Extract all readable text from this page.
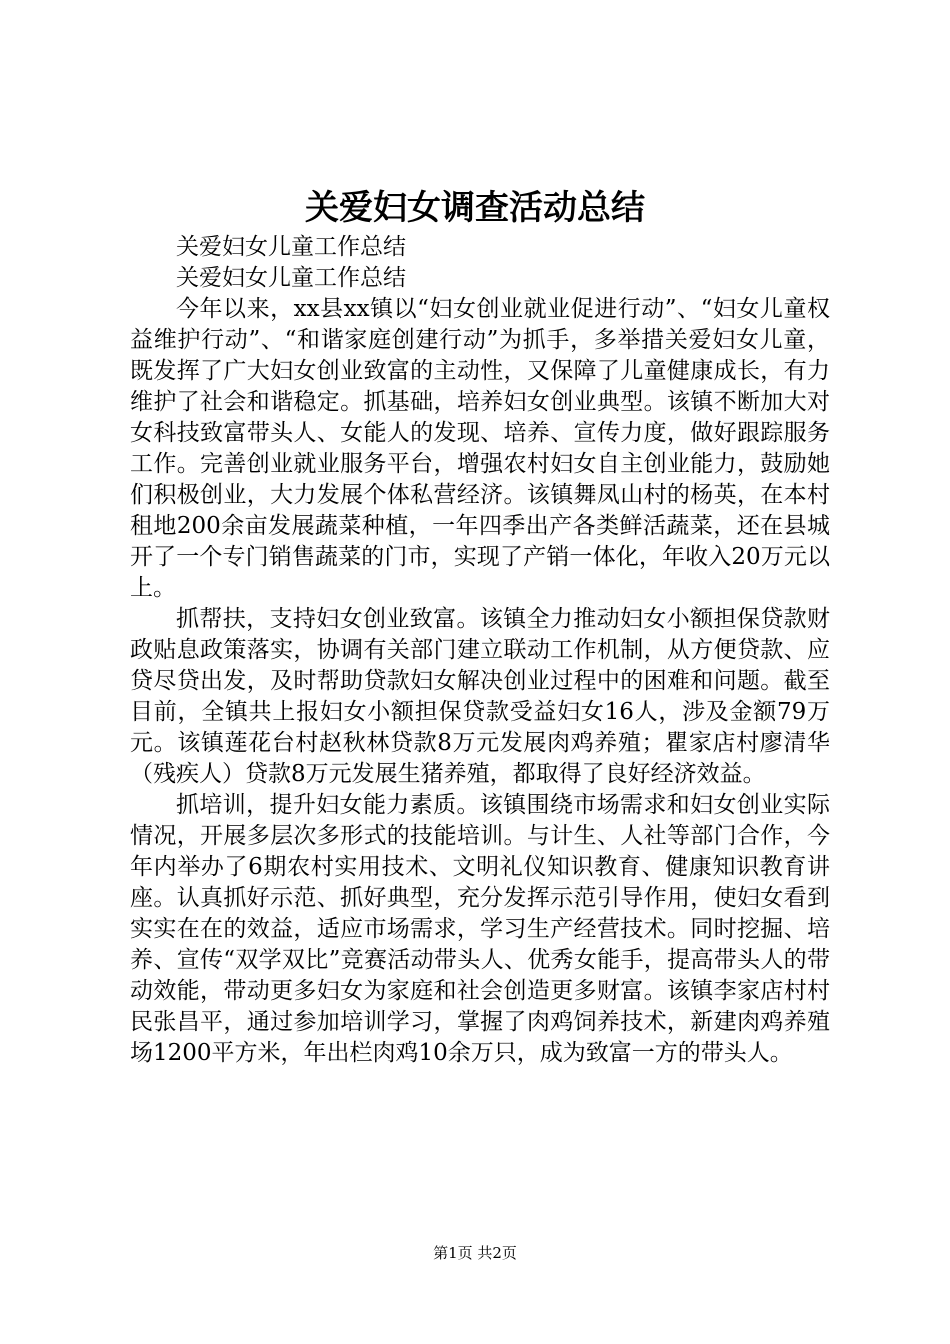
关爱妇女调查活动总结

关爱妇女儿童工作总结

关爱妇女儿童工作总结

今年以来，xx县xx镇以“妇女创业就业促进行动”、“妇女儿童权益维护行动”、“和谐家庭创建行动”为抓手，多举措关爱妇女儿童，既发挥了广大妇女创业致富的主动性，又保障了儿童健康成长，有力维护了社会和谐稳定。抓基础，培养妇女创业典型。该镇不断加大对女科技致富带头人、女能人的发现、培养、宣传力度，做好跟踪服务工作。完善创业就业服务平台，增强农村妇女自主创业能力，鼓励她们积极创业，大力发展个体私营经济。该镇舞凤山村的杨英，在本村租地200余亩发展蔬菜种植，一年四季出产各类鲜活蔬菜，还在县城开了一个专门销售蔬菜的门市，实现了产销一体化，年收入20万元以上。

抓帮扶，支持妇女创业致富。该镇全力推动妇女小额担保贷款财政贴息政策落实，协调有关部门建立联动工作机制，从方便贷款、应贷尽贷出发，及时帮助贷款妇女解决创业过程中的困难和问题。截至目前，全镇共上报妇女小额担保贷款受益妇女16人，涉及金额79万元。该镇莲花台村赵秋林贷款8万元发展肉鸡养殖；瞿家店村廖清华（残疾人）贷款8万元发展生猪养殖，都取得了良好经济效益。

抓培训，提升妇女能力素质。该镇围绕市场需求和妇女创业实际情况，开展多层次多形式的技能培训。与计生、人社等部门合作，今年内举办了6期农村实用技术、文明礼仪知识教育、健康知识教育讲座。认真抓好示范、抓好典型，充分发挥示范引导作用，使妇女看到实实在在的效益，适应市场需求，学习生产经营技术。同时挖掘、培养、宣传“双学双比”竞赛活动带头人、优秀女能手，提高带头人的带动效能，带动更多妇女为家庭和社会创造更多财富。该镇李家店村村民张昌平，通过参加培训学习，掌握了肉鸡饲养技术，新建肉鸡养殖场1200平方米，年出栏肉鸡10余万只，成为致富一方的带头人。

第1页 共2页
